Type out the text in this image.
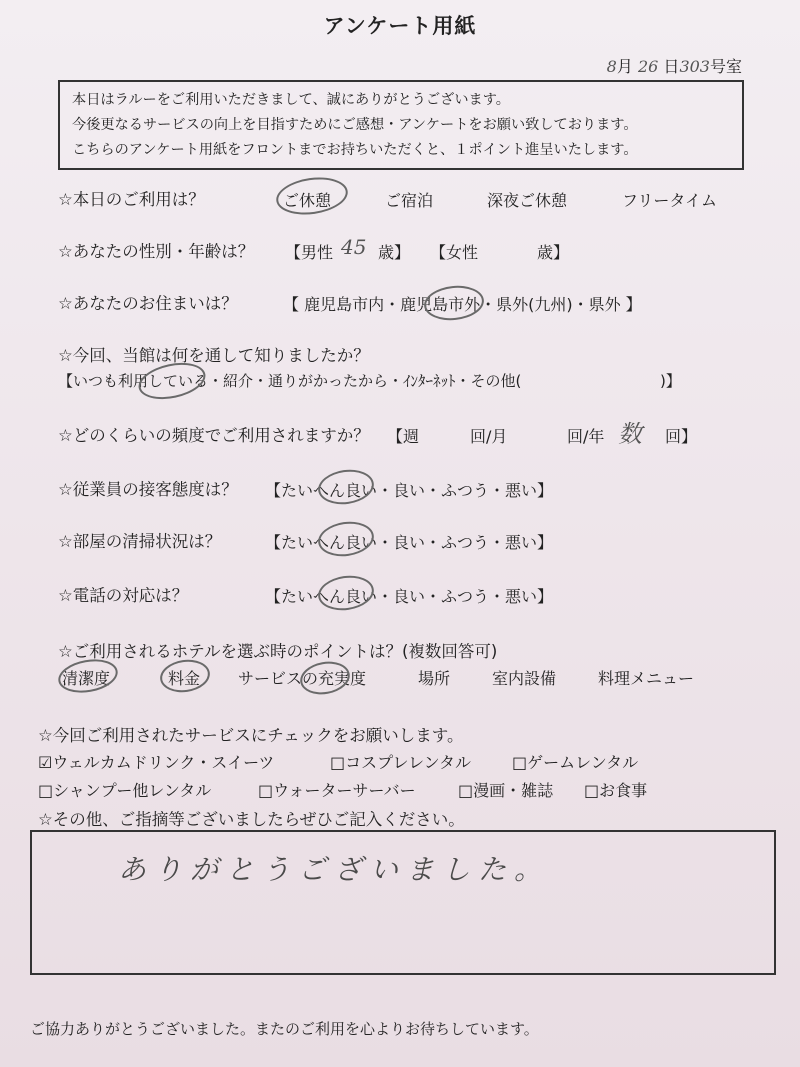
アンケート用紙
8月 26 日303号室
本日はラルーをご利用いただきまして、誠にありがとうございます。
今後更なるサービスの向上を目指すためにご感想・アンケートをお願い致しております。
こちらのアンケート用紙をフロントまでお持ちいただくと、１ポイント進呈いたします。
☆本日のご利用は？	ご休憩	ご宿泊	深夜ご休憩	フリータイム
☆あなたの性別・年齢は？ 【男性 45 歳】 【女性	歳】
☆あなたのお住まいは？	【 鹿児島市内・鹿児島市外・県外(九州)・県外 】
☆今回、当館は何を通して知りましたか？
【いつも利用している・紹介・通りがかったから・ｲﾝﾀｰﾈｯﾄ・その他(	)】
☆どのくらいの頻度でご利用されますか？ 【週	回/月	回/年 数 回】
☆従業員の接客態度は？ 【たいへん良い・良い・ふつう・悪い】
☆部屋の清掃状況は？	【たいへん良い・良い・ふつう・悪い】
☆電話の対応は？	【たいへん良い・良い・ふつう・悪い】
☆ご利用されるホテルを選ぶ時のポイントは？(複数回答可)
清潔度	料金 サービスの充実度	場所	室内設備	料理メニュー
☆今回ご利用されたサービスにチェックをお願いします。
☑ウェルカムドリンク・スイーツ	□コスプレレンタル	□ゲームレンタル
□シャンプー他レンタル	□ウォーターサーバー	□漫画・雑誌 □お食事
☆その他、ご指摘等ございましたらぜひご記入ください。
ありがとうございました。
ご協力ありがとうございました。またのご利用を心よりお待ちしています。
